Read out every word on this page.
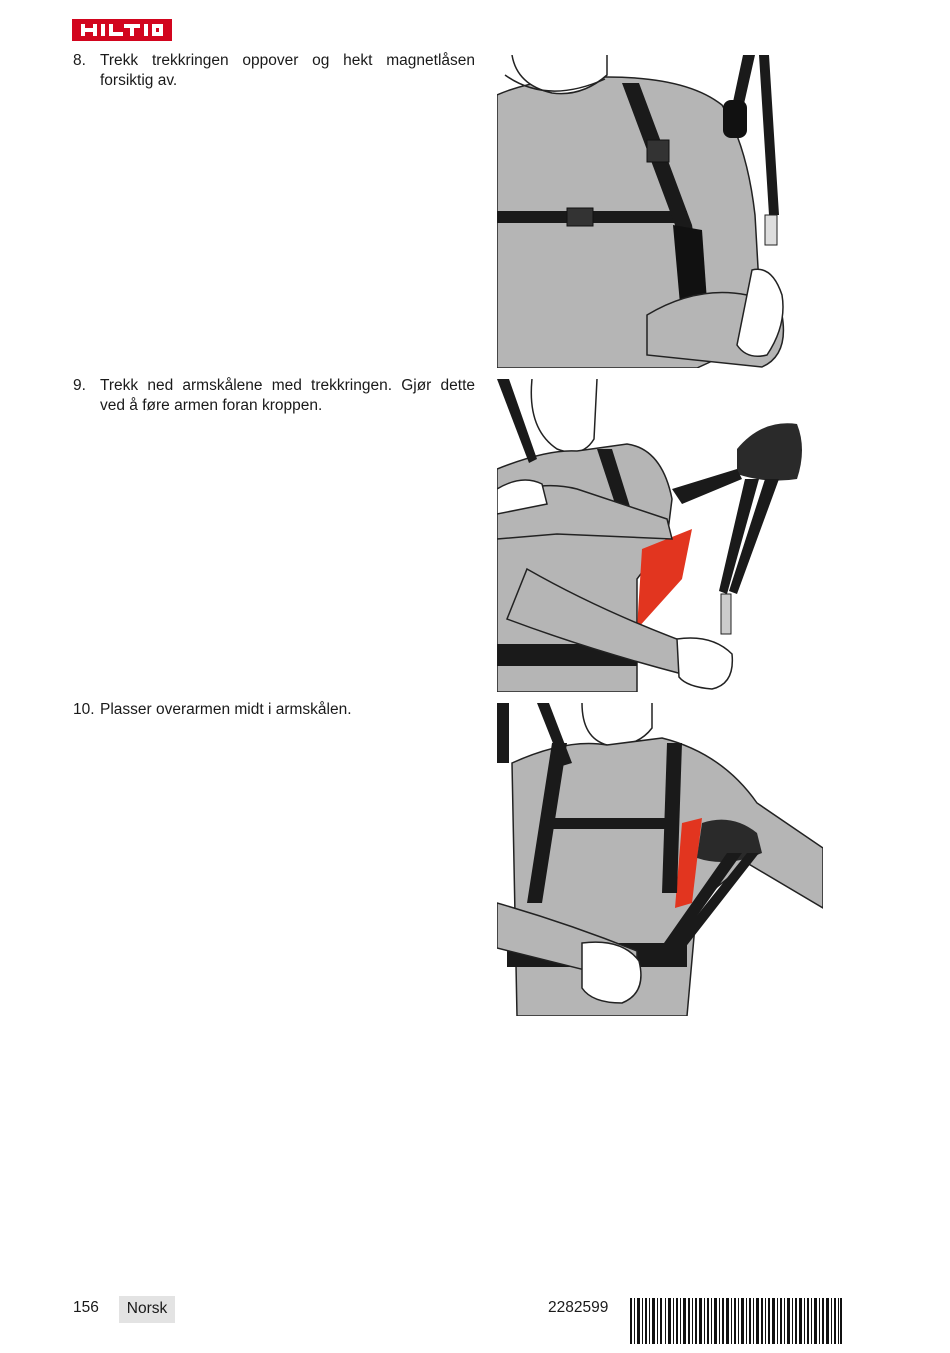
8. Trekk trekkringen oppover og hekt magnetlåsen forsiktig av.
9. Trekk ned armskålene med trekkringen. Gjør dette ved å føre armen foran kroppen.
10. Plasser overarmen midt i armskålen.
156	Norsk	2282599
